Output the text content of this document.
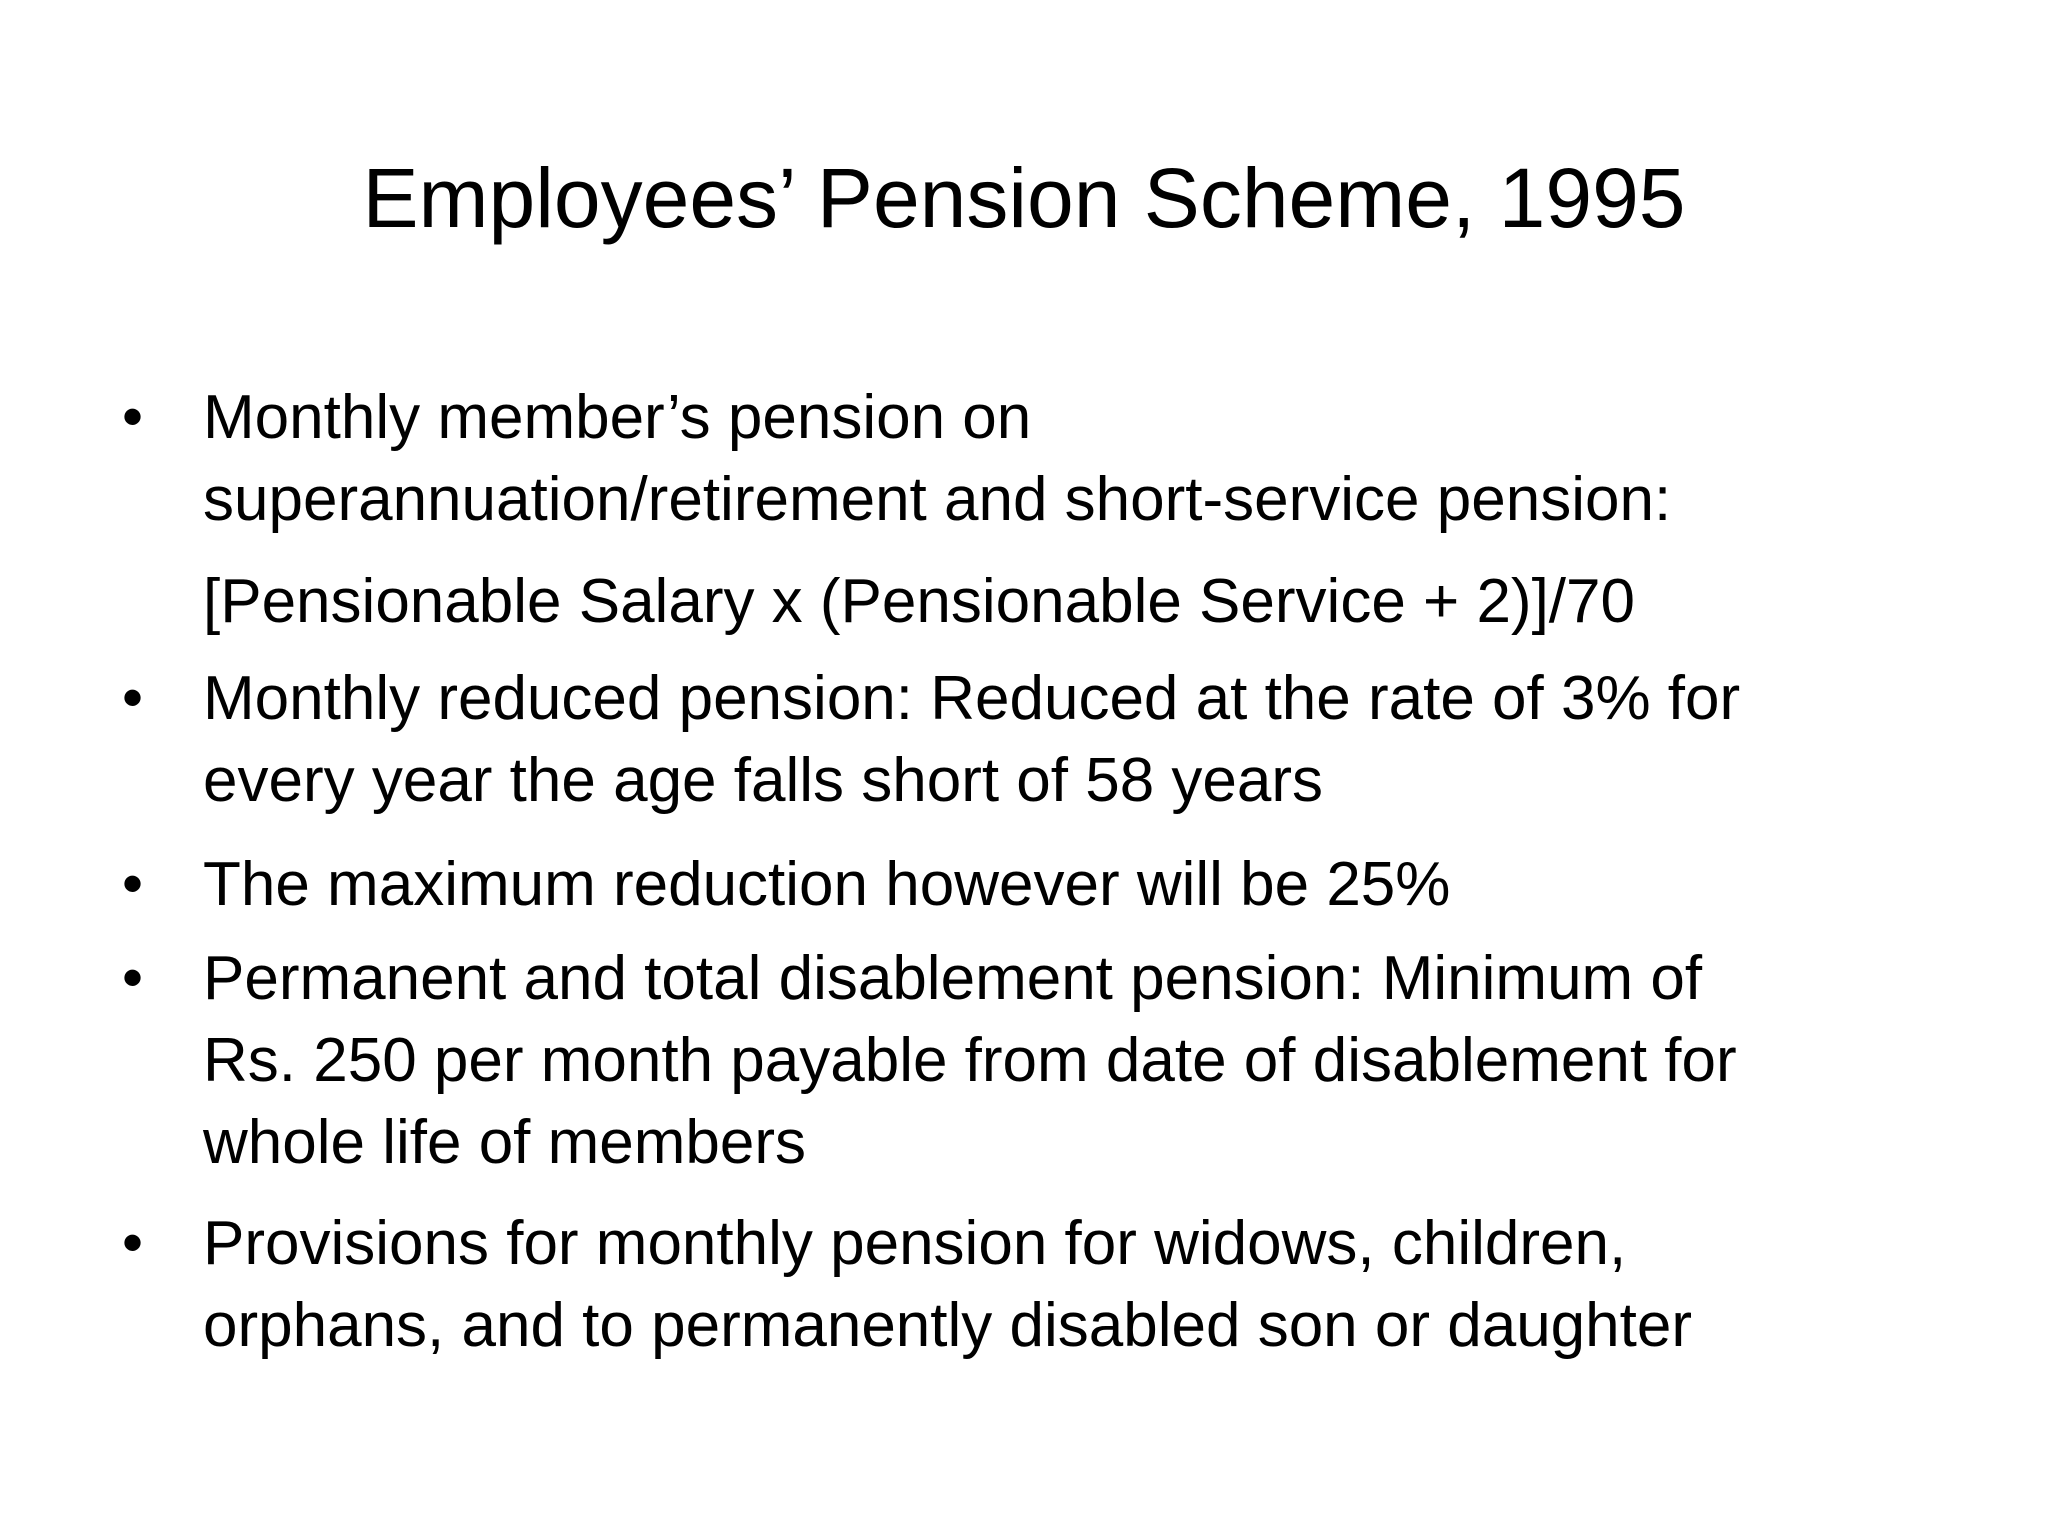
Employees’ Pension Scheme, 1995
• Monthly member’s pension on
superannuation/retirement and short-service pension:
[Pensionable Salary x (Pensionable Service + 2)]/70
• Monthly reduced pension: Reduced at the rate of 3% for
every year the age falls short of 58 years
• The maximum reduction however will be 25%
• Permanent and total disablement pension: Minimum of
Rs. 250 per month payable from date of disablement for
whole life of members
• Provisions for monthly pension for widows, children,
orphans, and to permanently disabled son or daughter
